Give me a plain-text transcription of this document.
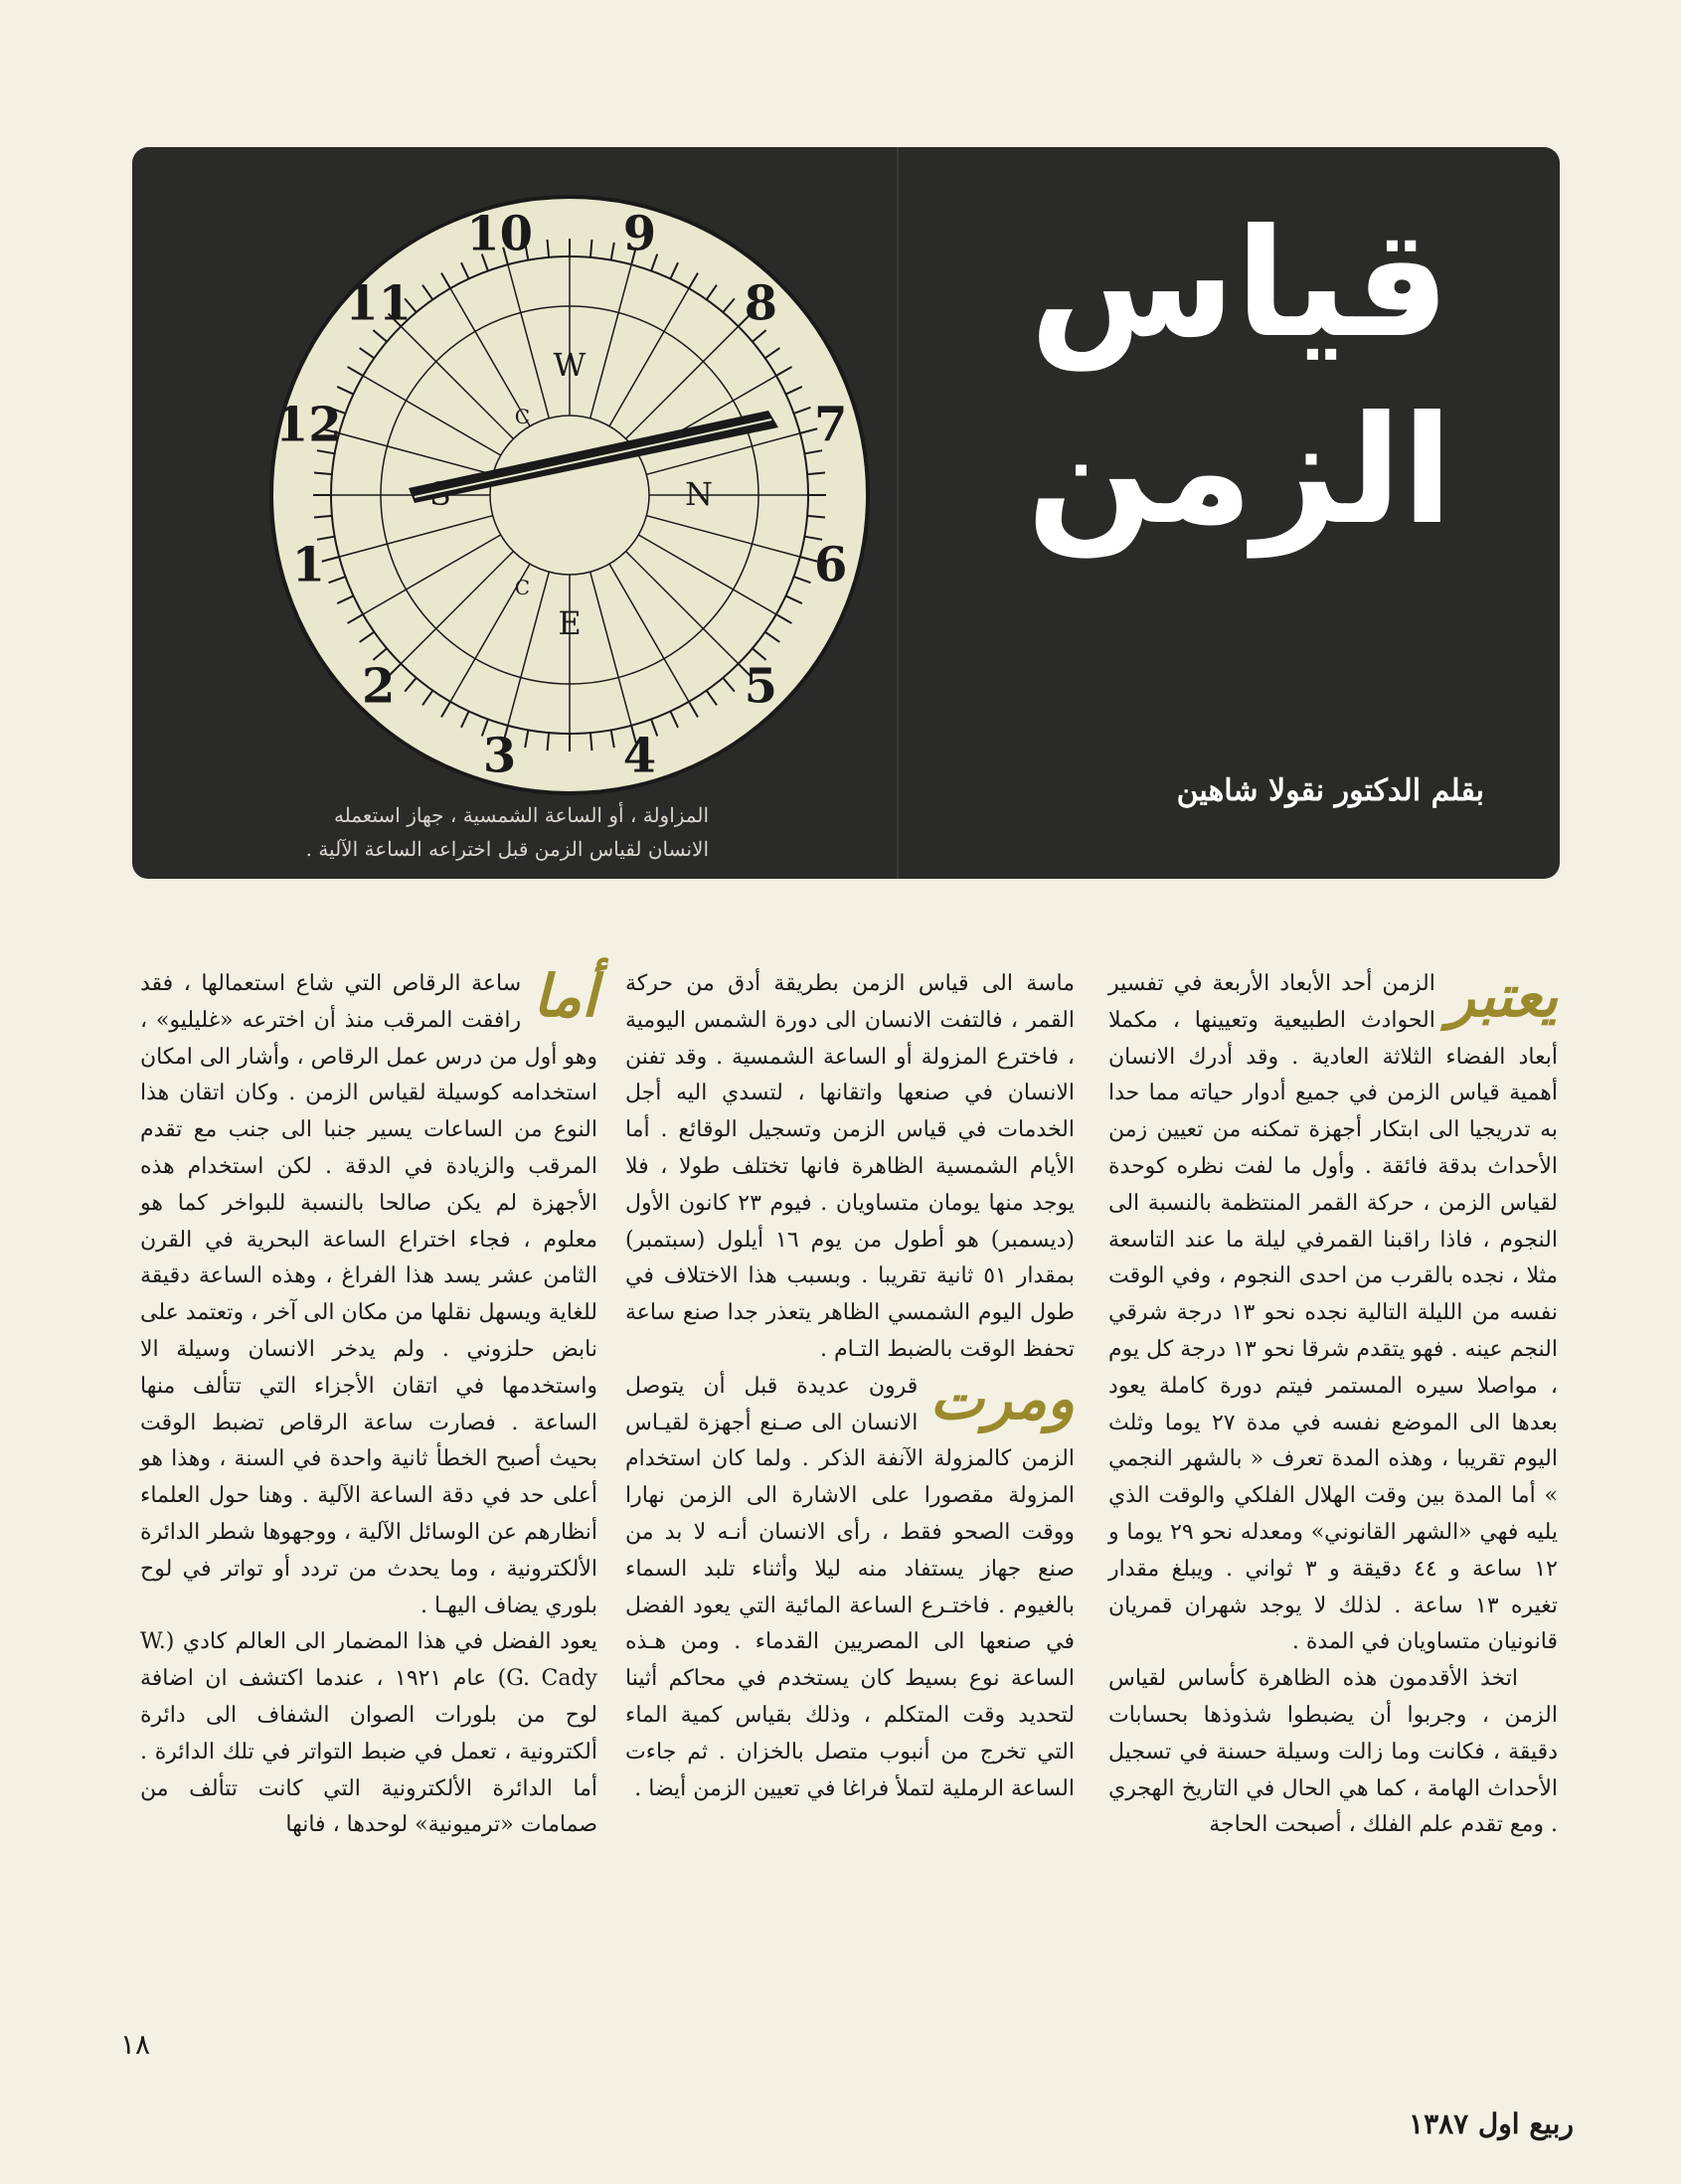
5
4
3
2
1
12
11
10 9
8
7
6
N
W
E
C
C
قياس
الزمن
بقلم الدكتور نقولا شاهين
المزاولة ، أو الساعة الشمسية ، جهاز استعمله الانسان لقياس الزمن قبل اختراعه الساعة الآلية .

يعتبر
الزمن أحد الأبعاد الأربعة في تفسير الحوادث الطبيعية وتعيينها ، مكملا أبعاد الفضاء الثلاثة العادية . وقد أدرك الانسان أهمية قياس الزمن في جميع أدوار حياته مما حدا به تدريجيا الى ابتكار أجهزة تمكنه من تعيين زمن الأحداث بدقة فائقة . وأول ما لفت نظره كوحدة لقياس الزمن ، حركة القمر المنتظمة بالنسبة الى النجوم ، فاذا راقبنا القمرفي ليلة ما عند التاسعة مثلا ، نجده بالقرب من احدى النجوم ، وفي الوقت نفسه من الليلة التالية نجده نحو ١٣ درجة شرقي النجم عينه . فهو يتقدم شرقا نحو ١٣ درجة كل يوم ، مواصلا سيره المستمر فيتم دورة كاملة يعود بعدها الى الموضع نفسه في مدة ٢٧ يوما وثلث اليوم تقريبا ، وهذه المدة تعرف « بالشهر النجمي » أما المدة بين وقت الهلال الفلكي والوقت الذي يليه فهي «الشهر القانوني» ومعدله نحو ٢٩ يوما و ١٢ ساعة و ٤٤ دقيقة و ٣ ثواني . ويبلغ مقدار تغيره ١٣ ساعة . لذلك لا يوجد شهران قمريان قانونيان متساويان في المدة .

اتخذ الأقدمون هذه الظاهرة كأساس لقياس الزمن ، وجربوا أن يضبطوا شذوذها بحسابات دقيقة ، فكانت وما زالت وسيلة حسنة في تسجيل الأحداث الهامة ، كما هي الحال في التاريخ الهجري . ومع تقدم علم الفلك ، أصبحت الحاجة

ماسة الى قياس الزمن بطريقة أدق من حركة القمر ، فالتفت الانسان الى دورة الشمس اليومية ، فاخترع المزولة أو الساعة الشمسية . وقد تفنن الانسان في صنعها واتقانها ، لتسدي اليه أجل الخدمات في قياس الزمن وتسجيل الوقائع . أما الأيام الشمسية الظاهرة فانها تختلف طولا ، فلا يوجد منها يومان متساويان . فيوم ٢٣ كانون الأول (ديسمبر) هو أطول من يوم ١٦ أيلول (سبتمبر) بمقدار ٥١ ثانية تقريبا . وبسبب هذا الاختلاف في طول اليوم الشمسي الظاهر يتعذر جدا صنع ساعة تحفظ الوقت بالضبط التـام .

ومرت
قرون عديدة قبل أن يتوصل الانسان الى صـنع أجهزة لقيـاس الزمن كالمزولة الآنفة الذكر . ولما كان استخدام المزولة مقصورا على الاشارة الى الزمن نهارا ووقت الصحو فقط ، رأى الانسان أنـه لا بد من صنع جهاز يستفاد منه ليلا وأثناء تلبد السماء بالغيوم . فاختـرع الساعة المائية التي يعود الفضل في صنعها الى المصريين القدماء . ومن هـذه الساعة نوع بسيط كان يستخدم في محاكم أثينا لتحديد وقت المتكلم ، وذلك بقياس كمية الماء التي تخرج من أنبوب متصل بالخزان . ثم جاءت الساعة الرملية لتملأ فراغا في تعيين الزمن أيضا .

أما
ساعة الرقاص التي شاع استعمالها ، فقد رافقت المرقب منذ أن اخترعه «غليليو» ، وهو أول من درس عمل الرقاص ، وأشار الى امكان استخدامه كوسيلة لقياس الزمن . وكان اتقان هذا النوع من الساعات يسير جنبا الى جنب مع تقدم المرقب والزيادة في الدقة . لكن استخدام هذه الأجهزة لم يكن صالحا بالنسبة للبواخر كما هو معلوم ، فجاء اختراع الساعة البحرية في القرن الثامن عشر يسد هذا الفراغ ، وهذه الساعة دقيقة للغاية ويسهل نقلها من مكان الى آخر ، وتعتمد على نابض حلزوني . ولم يدخر الانسان وسيلة الا واستخدمها في اتقان الأجزاء التي تتألف منها الساعة . فصارت ساعة الرقاص تضبط الوقت بحيث أصبح الخطأ ثانية واحدة في السنة ، وهذا هو أعلى حد في دقة الساعة الآلية . وهنا حول العلماء أنظارهم عن الوسائل الآلية ، ووجهوها شطر الدائرة الألكترونية ، وما يحدث من تردد أو تواتر في لوح بلوري يضاف اليهـا .

يعود الفضل في هذا المضمار الى العالم كادي (W. G. Cady) عام ١٩٢١ ، عندما اكتشف ان اضافة لوح من بلورات الصوان الشفاف الى دائرة ألكترونية ، تعمل في ضبط التواتر في تلك الدائرة . أما الدائرة الألكترونية التي كانت تتألف من صمامات «ترميونية» لوحدها ، فانها

١٨
ربيع اول ١٣٨٧
